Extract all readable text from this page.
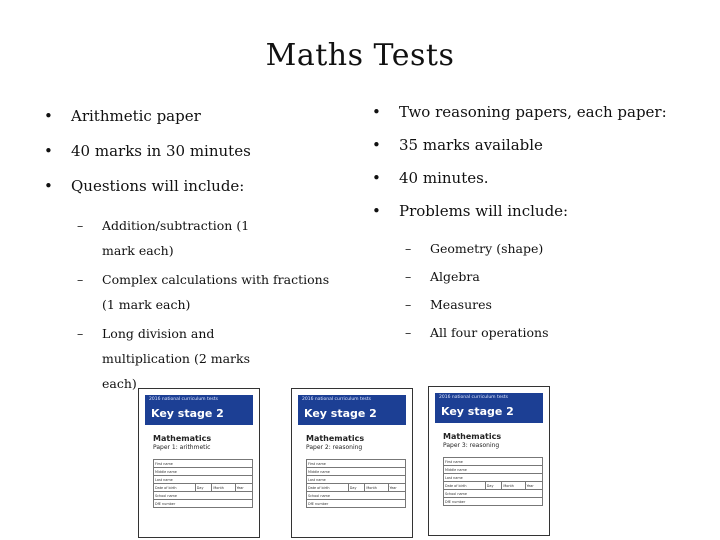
Maths Tests
• Arithmetic paper
• 40 marks in 30 minutes
• Questions will include:
– Addition/subtraction (1 mark each)
– Complex calculations with fractions (1 mark each)
– Long division and multiplication (2 marks each)
• Two reasoning papers, each paper:
• 35 marks available
• 40 minutes.
• Problems will include:
– Geometry (shape)
– Algebra
– Measures
– All four operations
2016 national curriculum tests
Key stage 2
Mathematics
Paper 1: arithmetic
First name
Middle name
Last name
Date of birth	Day	Month	Year
School name
DfE number
2016 national curriculum tests
Key stage 2
Mathematics
Paper 2: reasoning
First name
Middle name
Last name
Date of birth	Day	Month	Year
School name
DfE number
2016 national curriculum tests
Key stage 2
Mathematics
Paper 3: reasoning
First name
Middle name
Last name
Date of birth	Day	Month	Year
School name
DfE number
